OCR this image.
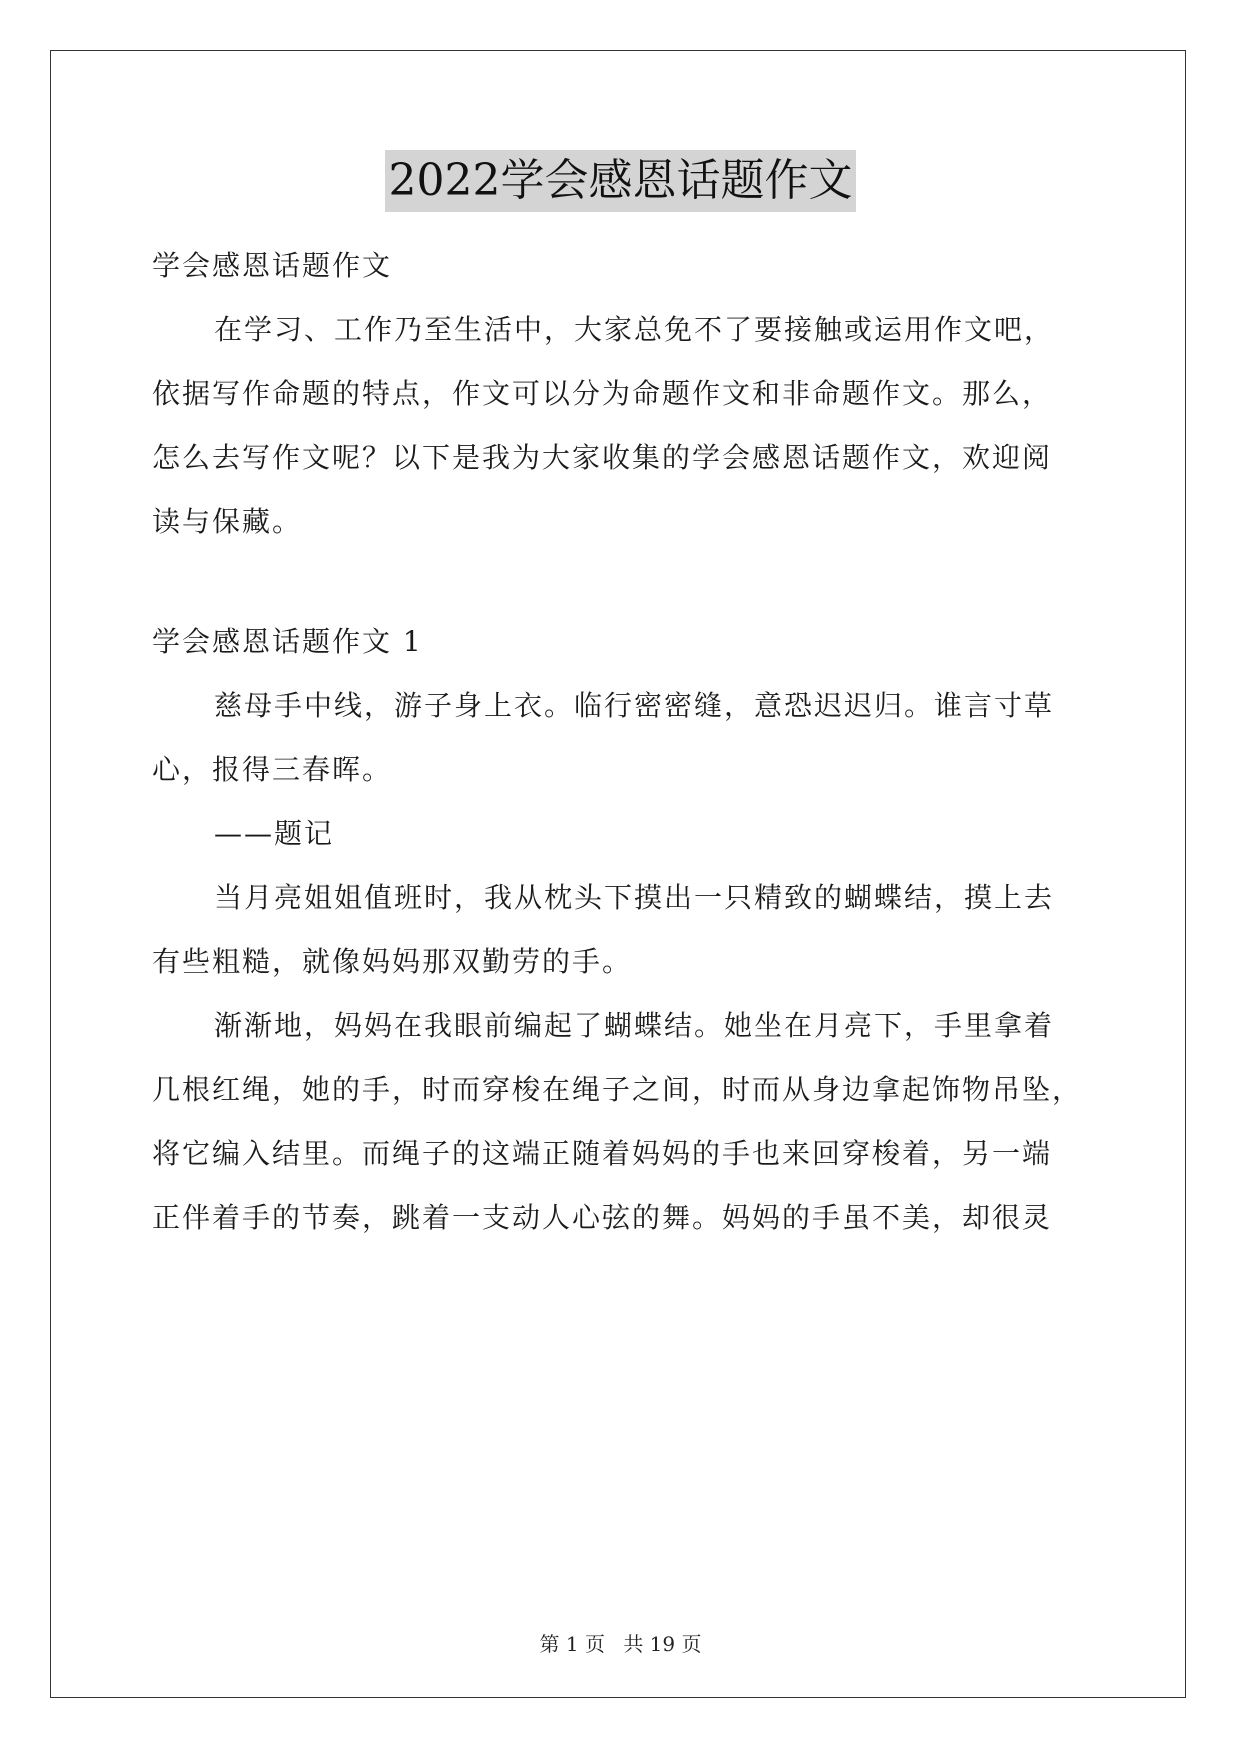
2022学会感恩话题作文

学会感恩话题作文

在学习、工作乃至生活中，大家总免不了要接触或运用作文吧，

依据写作命题的特点，作文可以分为命题作文和非命题作文。那么，

怎么去写作文呢？以下是我为大家收集的学会感恩话题作文，欢迎阅

读与保藏。

学会感恩话题作文 1

慈母手中线，游子身上衣。临行密密缝，意恐迟迟归。谁言寸草

心，报得三春晖。

——题记

当月亮姐姐值班时，我从枕头下摸出一只精致的蝴蝶结，摸上去

有些粗糙，就像妈妈那双勤劳的手。

渐渐地，妈妈在我眼前编起了蝴蝶结。她坐在月亮下，手里拿着

几根红绳，她的手，时而穿梭在绳子之间，时而从身边拿起饰物吊坠，

将它编入结里。而绳子的这端正随着妈妈的手也来回穿梭着，另一端

正伴着手的节奏，跳着一支动人心弦的舞。妈妈的手虽不美，却很灵

第 1 页 共 19 页
